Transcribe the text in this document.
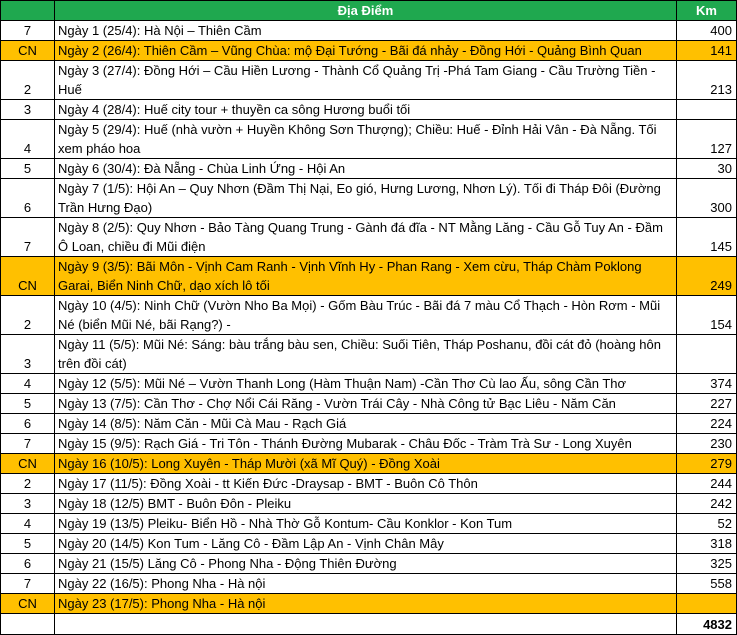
	Địa Điểm	Km
7	Ngày 1 (25/4): Hà Nội – Thiên Cầm	400
CN	Ngày 2 (26/4): Thiên Cầm – Vũng Chùa: mộ Đại Tướng - Bãi đá nhảy - Đồng Hới - Quảng Bình Quan	141
2	Ngày 3 (27/4): Đồng Hới – Cầu Hiền Lương - Thành Cổ Quảng Trị -Phá Tam Giang - Cầu Trường Tiền - Huế	213
3	Ngày 4 (28/4): Huế city tour + thuyền ca sông Hương buổi tối	
4	Ngày 5 (29/4): Huế (nhà vườn + Huyền Không Sơn Thượng); Chiều: Huế - Đỉnh Hải Vân - Đà Nẵng. Tối xem pháo hoa	127
5	Ngày 6 (30/4): Đà Nẵng - Chùa Linh Ứng - Hội An	30
6	Ngày 7 (1/5): Hội An – Quy Nhơn (Đầm Thị Nại, Eo gió, Hưng Lương, Nhơn Lý). Tối đi Tháp Đôi (Đường Trần Hưng Đạo)	300
7	Ngày 8 (2/5): Quy Nhơn - Bảo Tàng Quang Trung - Gành đá đĩa - NT Mằng Lăng - Cầu Gỗ Tuy An - Đầm Ô Loan, chiều đi Mũi điện	145
CN	Ngày 9 (3/5): Bãi Môn - Vịnh Cam Ranh - Vịnh Vĩnh Hy - Phan Rang - Xem cừu, Tháp Chàm Poklong Garai, Biển Ninh Chữ, dạo xích lô tối	249
2	Ngày 10 (4/5): Ninh Chữ (Vườn Nho Ba Mọi) - Gốm Bàu Trúc - Bãi đá 7 màu Cổ Thạch - Hòn Rơm - Mũi Né (biển Mũi Né, bãi Rạng?) -	154
3	Ngày 11 (5/5): Mũi Né: Sáng: bàu trắng bàu sen, Chiều: Suối Tiên, Tháp Poshanu, đồi cát đỏ (hoàng hôn trên đồi cát)	
4	Ngày 12 (5/5): Mũi Né – Vườn Thanh Long (Hàm Thuận Nam) -Cần Thơ Cù lao Ấu, sông Cần Thơ	374
5	Ngày 13 (7/5): Cần Thơ - Chợ Nổi Cái Răng - Vườn Trái Cây - Nhà Công tử Bạc Liêu - Năm Căn	227
6	Ngày 14 (8/5): Năm Căn - Mũi Cà Mau - Rạch Giá	224
7	Ngày 15 (9/5): Rạch Giá - Tri Tôn - Thánh Đường Mubarak - Châu Đốc - Tràm Trà Sư - Long Xuyên	230
CN	Ngày 16 (10/5): Long Xuyên - Tháp Mười (xã Mĩ Quý) - Đồng Xoài	279
2	Ngày 17 (11/5): Đồng Xoài - tt Kiến Đức -Draysap - BMT - Buôn Cô Thôn	244
3	Ngày 18 (12/5) BMT - Buôn Đôn - Pleiku	242
4	Ngày 19 (13/5) Pleiku- Biển Hồ - Nhà Thờ Gỗ Kontum- Cầu Konklor - Kon Tum	52
5	Ngày 20 (14/5) Kon Tum - Lăng Cô - Đầm Lập An - Vịnh Chân Mây	318
6	Ngày 21 (15/5) Lăng Cô - Phong Nha - Động Thiên Đường	325
7	Ngày 22 (16/5): Phong Nha - Hà nội	558
CN	Ngày 23 (17/5): Phong Nha - Hà nội	
		4832
